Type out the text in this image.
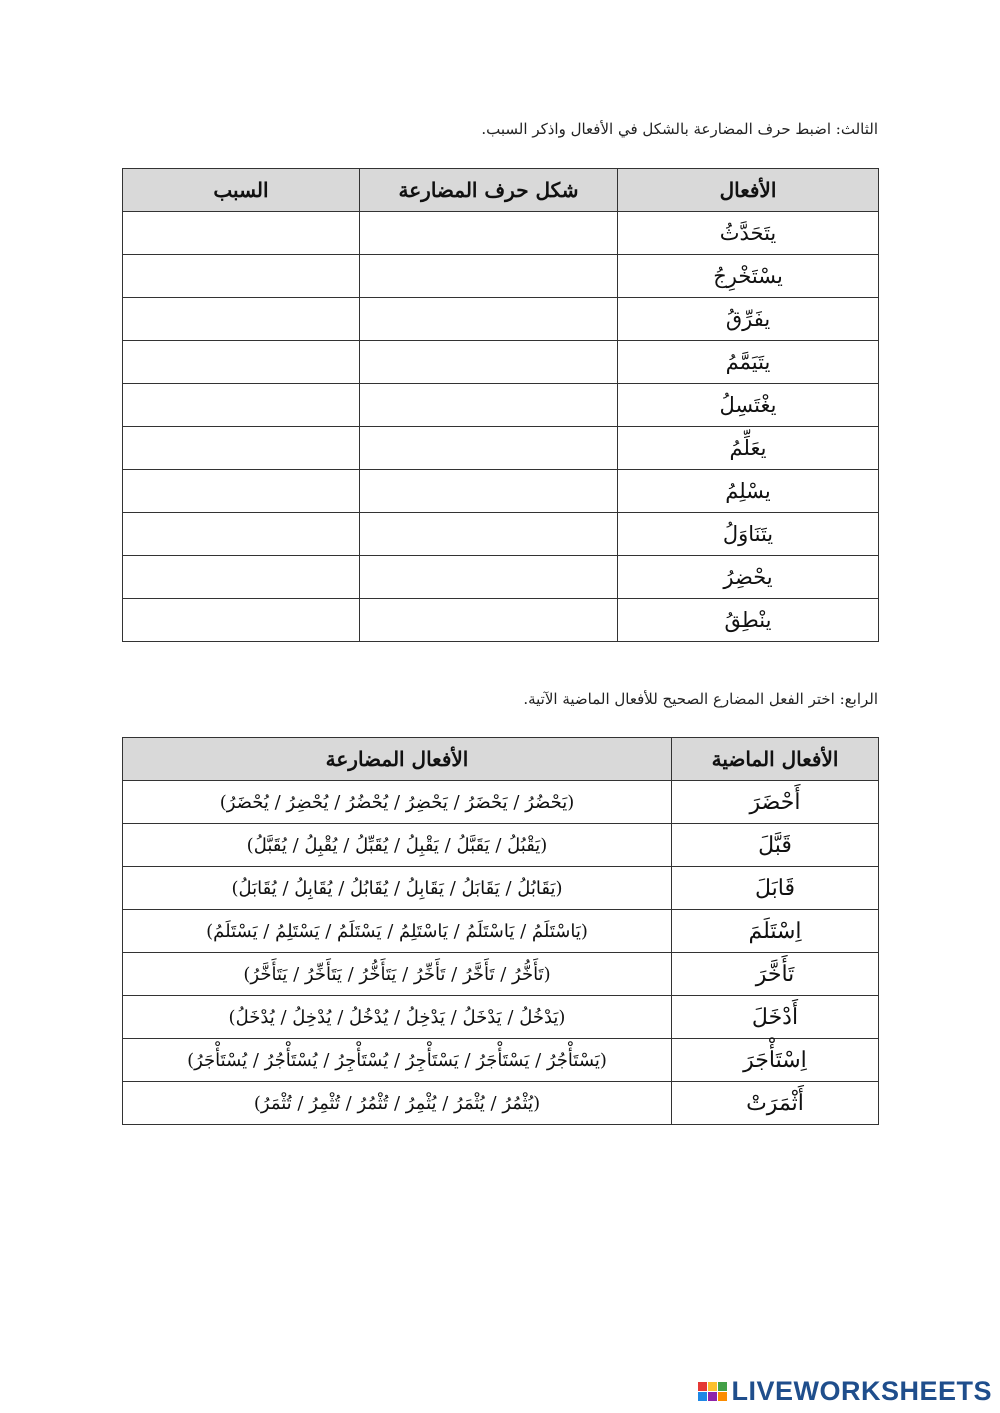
الثالث: اضبط حرف المضارعة بالشكل في الأفعال واذكر السبب.
الأفعال	شكل حرف المضارعة	السبب
يتَحَدَّثُ		
يسْتَخْرِجُ		
يفَرِّقُ		
يتَيَمَّمُ		
يغْتَسِلُ		
يعَلِّمُ		
يسْلِمُ		
يتَنَاوَلُ		
يحْضِرُ		
ينْطِقُ		
الرابع: اختر الفعل المضارع الصحيح للأفعال الماضية الآتية.
الأفعال الماضية	الأفعال المضارعة
أَحْضَرَ	(يَحْضُرُ / يَحْضَرُ / يَحْضِرُ / يُحْضُرُ / يُحْضِرُ / يُحْضَرُ)
قَبَّلَ	(يَقْبُلُ / يَقَبَّلُ / يَقْبِلُ / يُقَبِّلُ / يُقْبِلُ / يُقَبَّلُ)
قَابَلَ	(يَقَابُلُ / يَقَابَلُ / يَقَابِلُ / يُقَابُلُ / يُقَابِلُ / يُقَابَلُ)
اِسْتَلَمَ	(يَاسْتَلَمُ / يَاسْتَلَمُ / يَاسْتَلِمُ / يَسْتَلَمُ / يَسْتَلِمُ / يَسْتَلَمُ)
تَأَخَّرَ	(تَأَخُّرُ / تَأَخَّرُ / تَأَخِّرُ / يَتَأَخُّرُ / يَتَأَخِّرُ / يَتَأَخَّرُ)
أَدْخَلَ	(يَدْخُلُ / يَدْخَلُ / يَدْخِلُ / يُدْخُلُ / يُدْخِلُ / يُدْخَلُ)
اِسْتَأْجَرَ	(يَسْتَأْجُرُ / يَسْتَأْجَرُ / يَسْتَأْجِرُ / يُسْتَأْجِرُ / يُسْتَأْجُرُ / يُسْتَأْجَرُ)
أَثْمَرَتْ	(يُثْمُرُ / يُثْمَرُ / يُثْمِرُ / تُثْمُرُ / تُثْمِرُ / تُثْمَرُ)
LIVEWORKSHEETS
